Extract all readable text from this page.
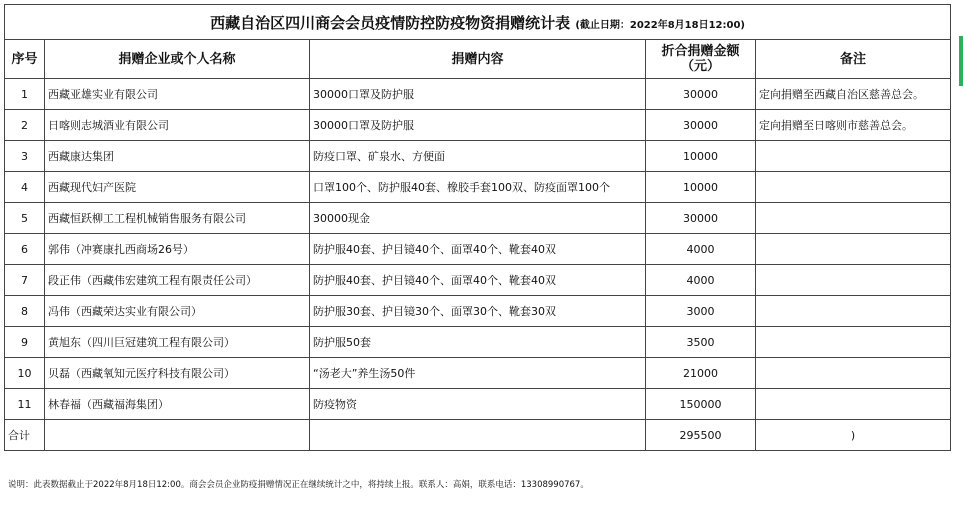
西藏自治区四川商会会员疫情防控防疫物资捐赠统计表 (截止日期：2022年8月18日12:00)				
序号	捐赠企业或个人名称	捐赠内容	折合捐赠金额（元）	备注
1	西藏亚雄实业有限公司	30000口罩及防护服	30000	定向捐赠至西藏自治区慈善总会。
2	日喀则志城酒业有限公司	30000口罩及防护服	30000	定向捐赠至日喀则市慈善总会。
3	西藏康达集团	防疫口罩、矿泉水、方便面	10000	
4	西藏现代妇产医院	口罩100个、防护服40套、橡胶手套100双、防疫面罩100个	10000	
5	西藏恒跃柳工工程机械销售服务有限公司	30000现金	30000	
6	郭伟（冲赛康扎西商场26号）	防护服40套、护目镜40个、面罩40个、靴套40双	4000	
7	段正伟（西藏伟宏建筑工程有限责任公司）	防护服40套、护目镜40个、面罩40个、靴套40双	4000	
8	冯伟（西藏荣达实业有限公司）	防护服30套、护目镜30个、面罩30个、靴套30双	3000	
9	黄旭东（四川巨冠建筑工程有限公司）	防护服50套	3500	
10	贝磊（西藏氧知元医疗科技有限公司）	“汤老大”养生汤50件	21000	
11	林春福（西藏福海集团）	防疫物资	150000	
合计			295500	)
说明：此表数据截止于2022年8月18日12:00。商会会员企业防疫捐赠情况正在继续统计之中，将持续上报。联系人：高娟，联系电话：13308990767。
